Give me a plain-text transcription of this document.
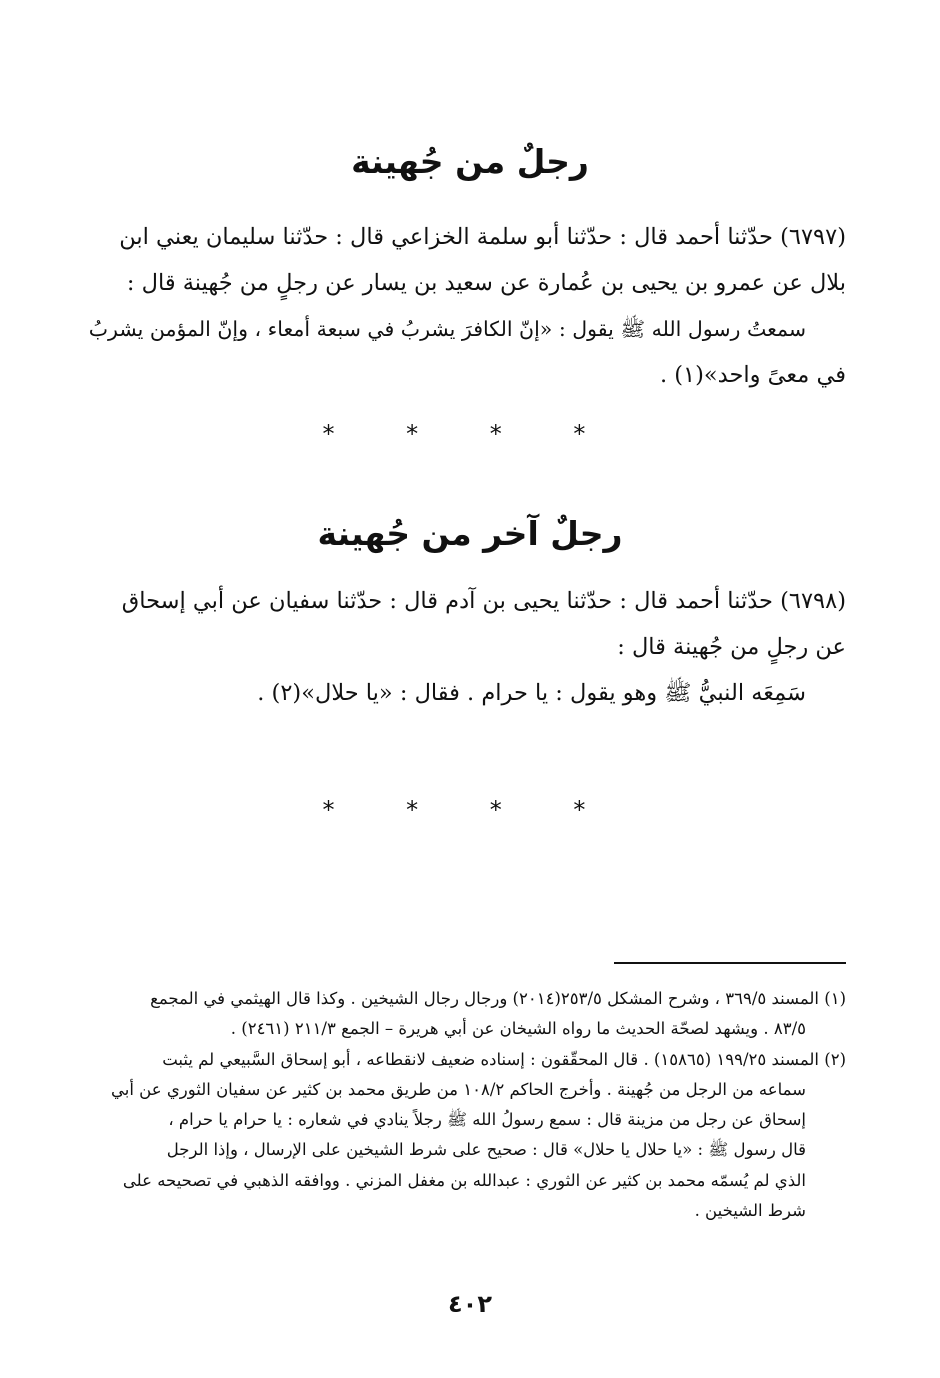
رجلٌ من جُهينة
(٦٧٩٧) حدّثنا أحمد قال : حدّثنا أبو سلمة الخزاعي قال : حدّثنا سليمان يعني ابن
بلال عن عمرو بن يحيى بن عُمارة عن سعيد بن يسار عن رجلٍ من جُهينة قال :
سمعتُ رسول الله ﷺ يقول : «إنّ الكافرَ يشربُ في سبعة أمعاء ، وإنّ المؤمن يشربُ
في معىً واحد»(١) .
* * * *
رجلٌ آخر من جُهينة
(٦٧٩٨) حدّثنا أحمد قال : حدّثنا يحيى بن آدم قال : حدّثنا سفيان عن أبي إسحاق
عن رجلٍ من جُهينة قال :
سَمِعَه النبيُّ ﷺ وهو يقول : يا حرام . فقال : «يا حلال»(٢) .
* * * *
(١) المسند ٣٦٩/٥ ، وشرح المشكل ٢٥٣/٥(٢٠١٤) ورجال رجال الشيخين . وكذا قال الهيثمي في المجمع
٨٣/٥ . ويشهد لصحّة الحديث ما رواه الشيخان عن أبي هريرة – الجمع ٢١١/٣ (٢٤٦١) .
(٢) المسند ١٩٩/٢٥ (١٥٨٦٥) . قال المحقّقون : إسناده ضعيف لانقطاعه ، أبو إسحاق السَّبيعي لم يثبت
سماعه من الرجل من جُهينة . وأخرج الحاكم ١٠٨/٢ من طريق محمد بن كثير عن سفيان الثوري عن أبي
إسحاق عن رجل من مزينة قال : سمع رسولُ الله ﷺ رجلاً ينادي في شعاره : يا حرام يا حرام ،
قال رسول ﷺ : «يا حلال يا حلال» قال : صحيح على شرط الشيخين على الإرسال ، وإذا الرجل
الذي لم يُسمّه محمد بن كثير عن الثوري : عبدالله بن مغفل المزني . ووافقه الذهبي في تصحيحه على
شرط الشيخين .
٤٠٢
